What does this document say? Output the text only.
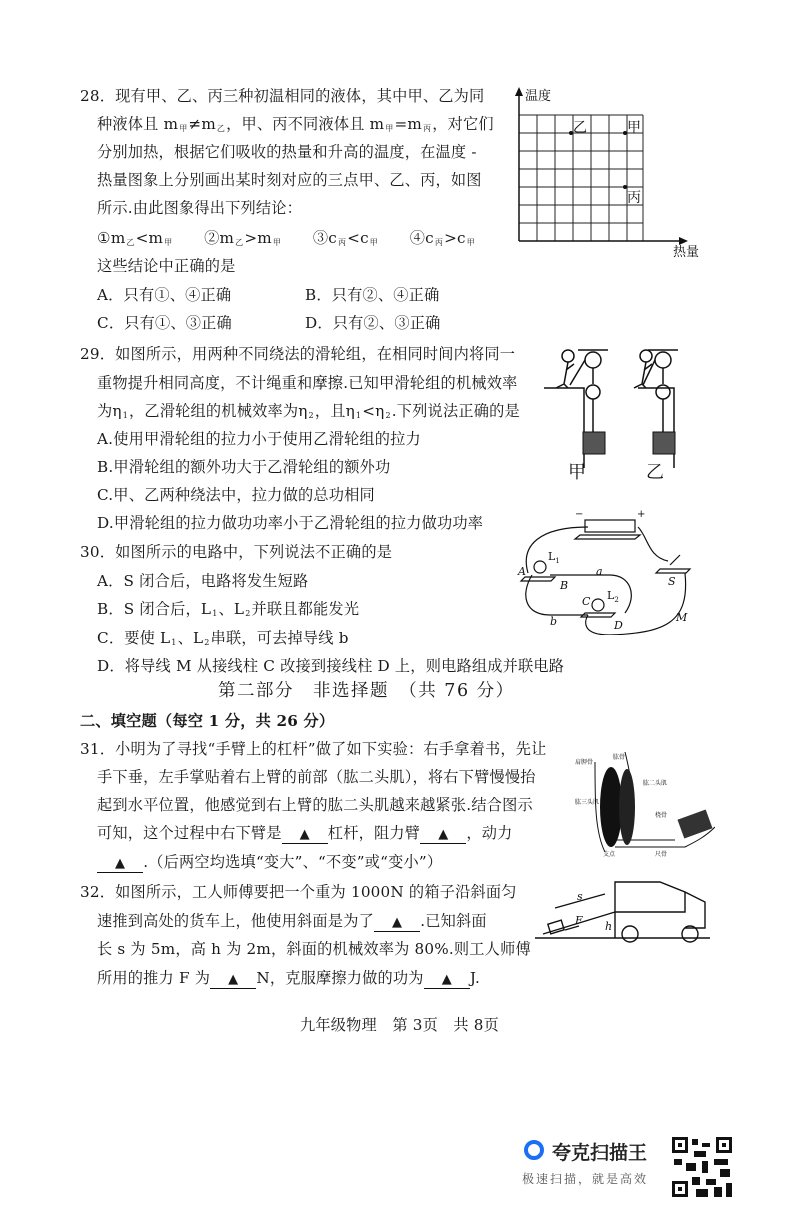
28．现有甲、乙、丙三种初温相同的液体，其中甲、乙为同
种液体且 $m_甲\ne m_乙$，甲、丙不同液体且 $m_甲=m_丙$，对它们
分别加热，根据它们吸收的热量和升高的温度，在温度 -
热量图象上分别画出某时刻对应的三点甲、乙、丙，如图
所示.由此图象得出下列结论：
$①m_乙<m_甲$　　$②m_乙>m_甲$　　$③c_丙<c_甲$　　$④c_丙>c_甲$
这些结论中正确的是
A．只有①、④正确	B．只有②、④正确
C．只有①、③正确	D．只有②、③正确
29．如图所示，用两种不同绕法的滑轮组，在相同时间内将同一
重物提升相同高度，不计绳重和摩擦.已知甲滑轮组的机械效率
为$\eta_1$，乙滑轮组的机械效率为$\eta_2$，且$\eta_1<\eta_2$.下列说法正确的是
A.使用甲滑轮组的拉力小于使用乙滑轮组的拉力
B.甲滑轮组的额外功大于乙滑轮组的额外功
C.甲、乙两种绕法中，拉力做的总功相同
D.甲滑轮组的拉力做功功率小于乙滑轮组的拉力做功功率
30．如图所示的电路中，下列说法不正确的是
A．S 闭合后，电路将发生短路
B．S 闭合后，$L_1$、$L_2$并联且都能发光
C．要使 $L_1$、$L_2$串联，可去掉导线 b
D．将导线 M 从接线柱 C 改接到接线柱 D 上，则电路组成并联电路
第二部分　非选择题　（共 76 分）
二、填空题（每空 1 分，共 26 分）
31．小明为了寻找“手臂上的杠杆”做了如下实验：右手拿着书，先让
手下垂，左手掌贴着右上臂的前部（肱二头肌），将右下臂慢慢抬
起到水平位置，他感觉到右上臂的肱二头肌越来越紧张.结合图示
可知，这个过程中右下臂是 ▲ 杠杆，阻力臂 ▲ ，动力
▲ .（后两空均选填“变大”、“不变”或“变小”）
32．如图所示，工人师傅要把一个重为 1000N 的箱子沿斜面匀
速推到高处的货车上，他使用斜面是为了 ▲ .已知斜面
长 s 为 5m，高 h 为 2m，斜面的机械效率为 80%.则工人师傅
所用的推力 F 为 ▲ N，克服摩擦力做的功为 ▲ J.
九年级物理　第 3页　共 8页
温度
热量
乙	甲
丙
甲	乙
−	+
$L_1$
$L_2$
A
B
C
D
a
b	M
S
肩胛骨
肱骨
肱二头肌
肱三头肌
桡骨
支点	尺骨
s
F h
夸克扫描王
极速扫描，就是高效
